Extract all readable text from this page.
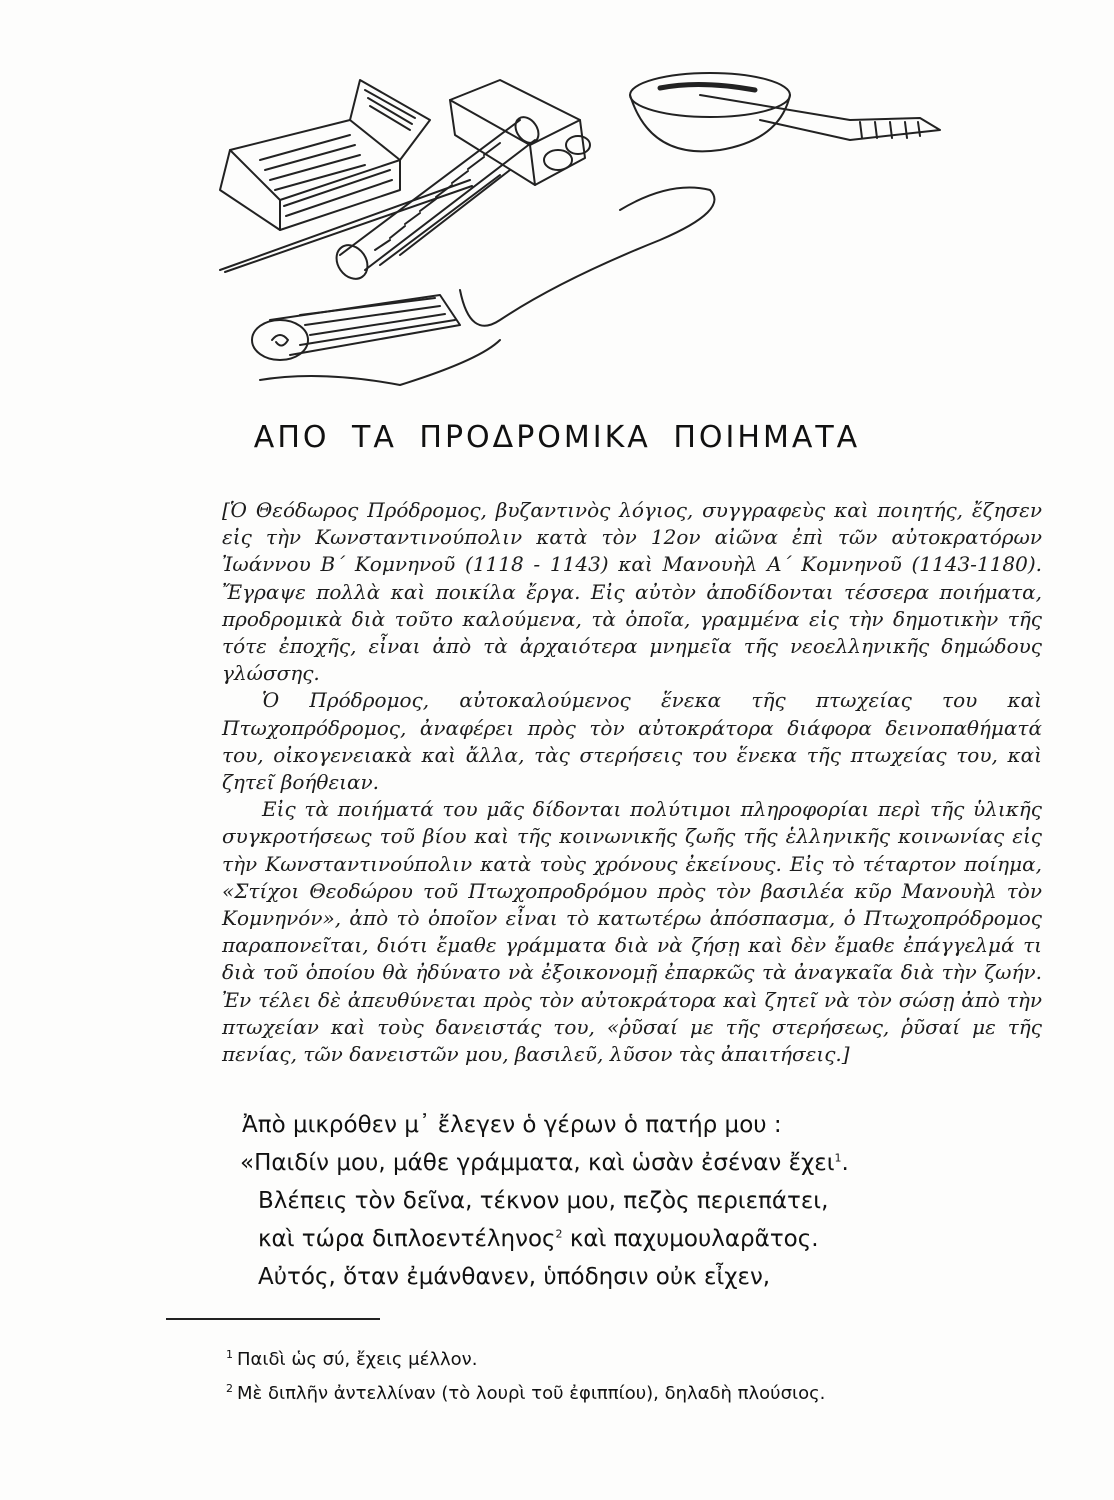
ΑΠΟ ΤΑ ΠΡΟΔΡΟΜΙΚΑ ΠΟΙΗΜΑΤΑ

[Ὁ Θεόδωρος Πρόδρομος, βυζαντινὸς λόγιος, συγγραφεὺς καὶ ποιητής, ἔζησεν εἰς τὴν Κωνσταντινούπολιν κατὰ τὸν 12ον αἰῶνα ἐπὶ τῶν αὐτοκρατόρων Ἰωάννου Β΄ Κομνηνοῦ (1118 - 1143) καὶ Μανουὴλ Α΄ Κομνηνοῦ (1143-1180). Ἔγραψε πολλὰ καὶ ποικίλα ἔργα. Εἰς αὐτὸν ἀποδίδονται τέσσερα ποιήματα, προδρομικὰ διὰ τοῦτο καλούμενα, τὰ ὁποῖα, γραμμένα εἰς τὴν δημοτικὴν τῆς τότε ἐποχῆς, εἶναι ἀπὸ τὰ ἀρχαιότερα μνημεῖα τῆς νεοελληνικῆς δημώδους γλώσσης.

Ὁ Πρόδρομος, αὐτοκαλούμενος ἕνεκα τῆς πτωχείας του καὶ Πτωχοπρόδρομος, ἀναφέρει πρὸς τὸν αὐτοκράτορα διάφορα δεινοπαθήματά του, οἰκογενειακὰ καὶ ἄλλα, τὰς στερήσεις του ἕνεκα τῆς πτωχείας του, καὶ ζητεῖ βοήθειαν.

Εἰς τὰ ποιήματά του μᾶς δίδονται πολύτιμοι πληροφορίαι περὶ τῆς ὑλικῆς συγκροτήσεως τοῦ βίου καὶ τῆς κοινωνικῆς ζωῆς τῆς ἑλληνικῆς κοινωνίας εἰς τὴν Κωνσταντινούπολιν κατὰ τοὺς χρόνους ἐκείνους. Εἰς τὸ τέταρτον ποίημα, «Στίχοι Θεοδώρου τοῦ Πτωχοπροδρόμου πρὸς τὸν βασιλέα κῦρ Μανουὴλ τὸν Κομνηνόν», ἀπὸ τὸ ὁποῖον εἶναι τὸ κατωτέρω ἀπόσπασμα, ὁ Πτωχοπρόδρομος παραπονεῖται, διότι ἔμαθε γράμματα διὰ νὰ ζήσῃ καὶ δὲν ἔμαθε ἐπάγγελμά τι διὰ τοῦ ὁποίου θὰ ἠδύνατο νὰ ἐξοικονομῇ ἐπαρκῶς τὰ ἀναγκαῖα διὰ τὴν ζωήν. Ἐν τέλει δὲ ἀπευθύνεται πρὸς τὸν αὐτοκράτορα καὶ ζητεῖ νὰ τὸν σώσῃ ἀπὸ τὴν πτωχείαν καὶ τοὺς δανειστάς του, «ῥῦσαί με τῆς στερήσεως, ῥῦσαί με τῆς πενίας, τῶν δανειστῶν μου, βασιλεῦ, λῦσον τὰς ἀπαιτήσεις.]

Ἀπὸ μικρόθεν μ᾽ ἔλεγεν ὁ γέρων ὁ πατήρ μου :
«Παιδίν μου, μάθε γράμματα, καὶ ὡσὰν ἐσέναν ἔχει$^1$.
Βλέπεις τὸν δεῖνα, τέκνον μου, πεζὸς περιεπάτει,
καὶ τώρα διπλοεντέληνος$^2$ καὶ παχυμουλαρᾶτος.
Αὐτός, ὅταν ἐμάνθανεν, ὑπόδησιν οὐκ εἶχεν,
$^1$ Παιδὶ ὡς σύ, ἔχεις μέλλον.
$^2$ Μὲ διπλῆν ἀντελλίναν (τὸ λουρὶ τοῦ ἐφιππίου), δηλαδὴ πλούσιος.
